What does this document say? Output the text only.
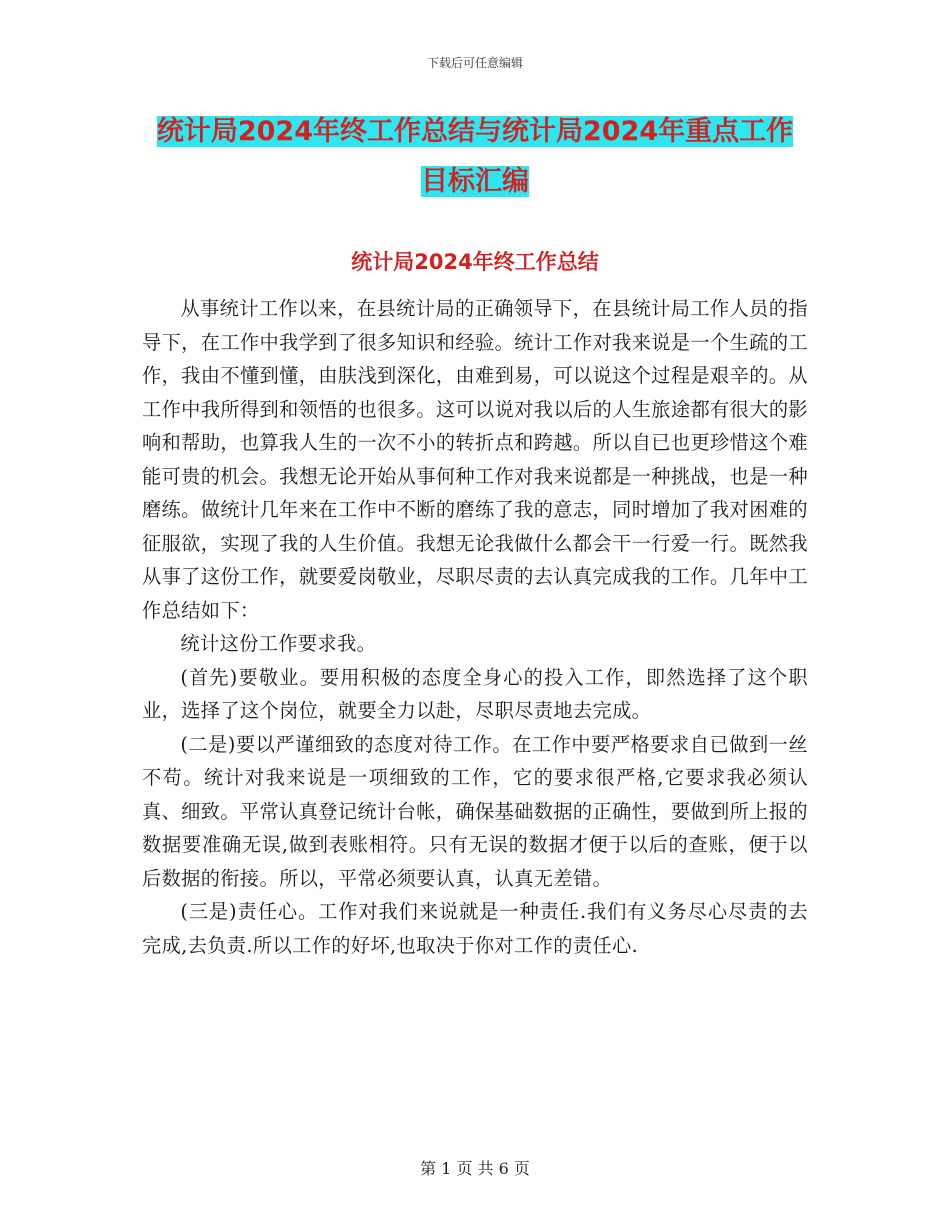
下载后可任意编辑
统计局2024年终工作总结与统计局2024年重点工作目标汇编
统计局2024年终工作总结

从事统计工作以来，在县统计局的正确领导下，在县统计局工作人员的指导下，在工作中我学到了很多知识和经验。统计工作对我来说是一个生疏的工作，我由不懂到懂，由肤浅到深化，由难到易，可以说这个过程是艰辛的。从工作中我所得到和领悟的也很多。这可以说对我以后的人生旅途都有很大的影响和帮助，也算我人生的一次不小的转折点和跨越。所以自已也更珍惜这个难能可贵的机会。我想无论开始从事何种工作对我来说都是一种挑战，也是一种磨练。做统计几年来在工作中不断的磨练了我的意志，同时增加了我对困难的征服欲，实现了我的人生价值。我想无论我做什么都会干一行爱一行。既然我从事了这份工作，就要爱岗敬业，尽职尽责的去认真完成我的工作。几年中工作总结如下：

统计这份工作要求我。

(首先)要敬业。要用积极的态度全身心的投入工作，即然选择了这个职业，选择了这个岗位，就要全力以赴，尽职尽责地去完成。

(二是)要以严谨细致的态度对待工作。在工作中要严格要求自已做到一丝不苟。统计对我来说是一项细致的工作，它的要求很严格,它要求我必须认真、细致。平常认真登记统计台帐，确保基础数据的正确性，要做到所上报的数据要准确无误,做到表账相符。只有无误的数据才便于以后的查账，便于以后数据的衔接。所以，平常必须要认真，认真无差错。

(三是)责任心。工作对我们来说就是一种责任.我们有义务尽心尽责的去完成,去负责.所以工作的好坏,也取决于你对工作的责任心.

第 1 页 共 6 页
